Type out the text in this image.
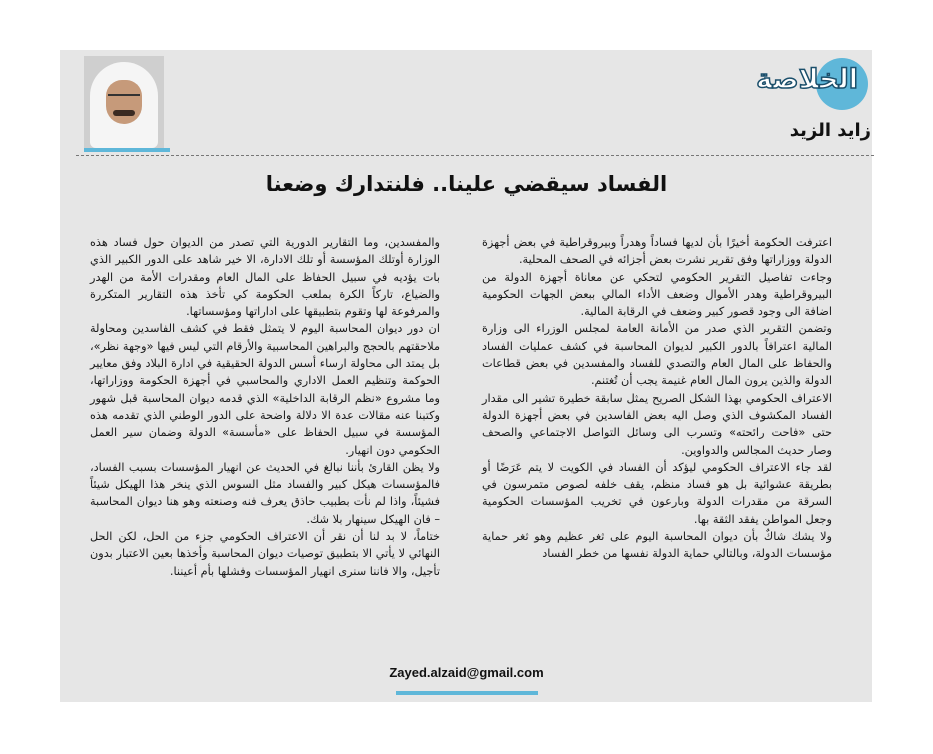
الخلاصة
زايد الزيد
الفساد سيقضي علينا.. فلنتدارك وضعنا

اعترفت الحكومة أخيرًا بأن لديها فساداً وهدراً وبيروقراطية في بعض أجهزة الدولة ووزاراتها وفق تقرير نشرت بعض أجزائه في الصحف المحلية.

وجاءت تفاصيل التقرير الحكومي لتحكي عن معاناة أجهزة الدولة من البيروقراطية وهدر الأموال وضعف الأداء المالي ببعض الجهات الحكومية اضافة الى وجود قصور كبير وضعف في الرقابة المالية.

وتضمن التقرير الذي صدر من الأمانة العامة لمجلس الوزراء الى وزارة المالية اعترافاً بالدور الكبير لديوان المحاسبة في كشف عمليات الفساد والحفاظ على المال العام والتصدي للفساد والمفسدين في بعض قطاعات الدولة والذين يرون المال العام غنيمة يجب أن تُغتنم.

الاعتراف الحكومي بهذا الشكل الصريح يمثل سابقة خطيرة تشير الى مقدار الفساد المكشوف الذي وصل اليه بعض الفاسدين في بعض أجهزة الدولة حتى «فاحت رائحته» وتسرب الى وسائل التواصل الاجتماعي والصحف وصار حديث المجالس والدواوين.

لقد جاء الاعتراف الحكومي ليؤكد أن الفساد في الكويت لا يتم عَرَضًا أو بطريقة عشوائية بل هو فساد منظم، يقف خلفه لصوص متمرسون في السرقة من مقدرات الدولة وبارعون في تخريب المؤسسات الحكومية وجعل المواطن يفقد الثقة بها.

ولا يشك شاكٌ بأن ديوان المحاسبة اليوم على ثغر عظيم وهو ثغر حماية مؤسسات الدولة، وبالتالي حماية الدولة نفسها من خطر الفساد

والمفسدين، وما التقارير الدورية التي تصدر من الديوان حول فساد هذه الوزارة أوتلك المؤسسة أو تلك الادارة، الا خير شاهد على الدور الكبير الذي بات يؤديه في سبيل الحفاظ على المال العام ومقدرات الأمة من الهدر والضياع، تاركاً الكرة بملعب الحكومة كي تأخذ هذه التقارير المتكررة والمرفوعة لها وتقوم بتطبيقها على اداراتها ومؤسساتها.

ان دور ديوان المحاسبة اليوم لا يتمثل فقط في كشف الفاسدين ومحاولة ملاحقتهم بالحجج والبراهين المحاسبية والأرقام التي ليس فيها «وجهة نظر»، بل يمتد الى محاولة ارساء أسس الدولة الحقيقية في ادارة البلاد وفق معايير الحوكمة وتنظيم العمل الاداري والمحاسبي في أجهزة الحكومة ووزاراتها، وما مشروع «نظم الرقابة الداخلية» الذي قدمه ديوان المحاسبة قبل شهور وكتبنا عنه مقالات عدة الا دلالة واضحة على الدور الوطني الذي تقدمه هذه المؤسسة في سبيل الحفاظ على «مأسسة» الدولة وضمان سير العمل الحكومي دون انهيار.

ولا يظن القارئ بأننا نبالغ في الحديث عن انهيار المؤسسات بسبب الفساد، فالمؤسسات هيكل كبير والفساد مثل السوس الذي ينخر هذا الهيكل شيئاً فشيئاً، واذا لم نأت بطبيب حاذق يعرف فنه وصنعته وهو هنا ديوان المحاسبة – فان الهيكل سينهار بلا شك.

ختاماً، لا بد لنا أن نقر أن الاعتراف الحكومي جزء من الحل، لكن الحل النهائي لا يأتي الا بتطبيق توصيات ديوان المحاسبة وأخذها بعين الاعتبار بدون تأجيل، والا فاننا سنرى انهيار المؤسسات وفشلها بأم أعيننا.

Zayed.alzaid@gmail.com
